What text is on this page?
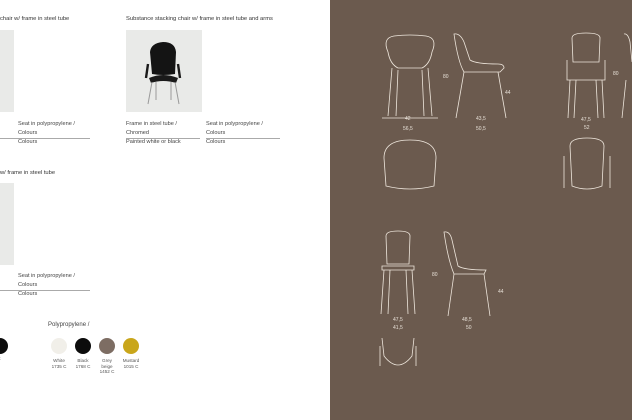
chair w/ frame in steel tube	Substance stacking chair w/ frame in steel tube and arms
Seat in polypropylene /
Colours
Colours
Frame in steel tube /
Chromed
Painted white or black
Seat in polypropylene /
Colours
Colours
w/ frame in steel tube
Seat in polypropylene /
Colours
Colours
Polypropylene /
White
1735 C
Black
1768 C
Grey
beige
1452 C
Mustard
1015 C
42
56,5
80
44
43,5
50,5
80
47,5
52
47,5
41,5
80
44
48,5
50
